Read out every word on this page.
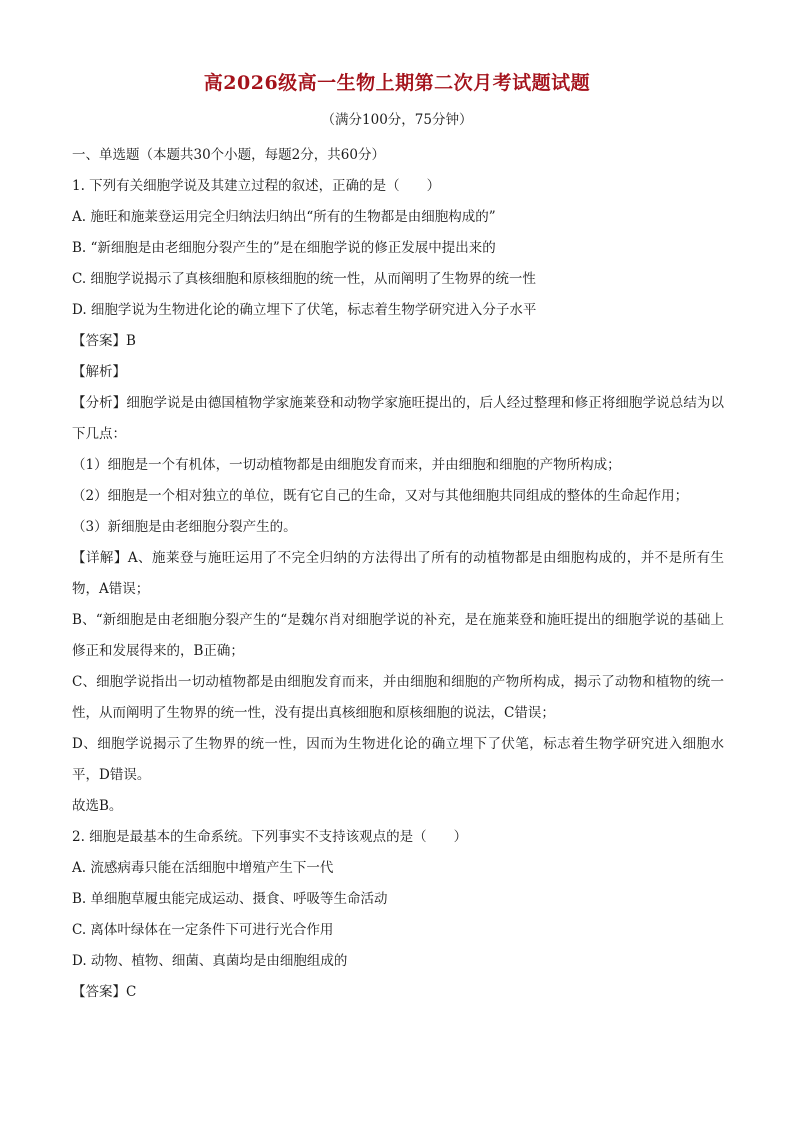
高2026级高一生物上期第二次月考试题试题
（满分100分，75分钟）
一、单选题（本题共30个小题，每题2分，共60分）
1. 下列有关细胞学说及其建立过程的叙述，正确的是（　　）
A. 施旺和施莱登运用完全归纳法归纳出“所有的生物都是由细胞构成的”
B. “新细胞是由老细胞分裂产生的”是在细胞学说的修正发展中提出来的
C. 细胞学说揭示了真核细胞和原核细胞的统一性，从而阐明了生物界的统一性
D. 细胞学说为生物进化论的确立埋下了伏笔，标志着生物学研究进入分子水平
【答案】B
【解析】
【分析】细胞学说是由德国植物学家施莱登和动物学家施旺提出的，后人经过整理和修正将细胞学说总结为以下几点：
（1）细胞是一个有机体，一切动植物都是由细胞发育而来，并由细胞和细胞的产物所构成；
（2）细胞是一个相对独立的单位，既有它自己的生命，又对与其他细胞共同组成的整体的生命起作用；
（3）新细胞是由老细胞分裂产生的。
【详解】A、施莱登与施旺运用了不完全归纳的方法得出了所有的动植物都是由细胞构成的，并不是所有生物，A错误；
B、“新细胞是由老细胞分裂产生的“是魏尔肖对细胞学说的补充，是在施莱登和施旺提出的细胞学说的基础上修正和发展得来的，B正确；
C、细胞学说指出一切动植物都是由细胞发育而来，并由细胞和细胞的产物所构成，揭示了动物和植物的统一性，从而阐明了生物界的统一性，没有提出真核细胞和原核细胞的说法，C错误；
D、细胞学说揭示了生物界的统一性，因而为生物进化论的确立埋下了伏笔，标志着生物学研究进入细胞水平，D错误。
故选B。
2. 细胞是最基本的生命系统。下列事实不支持该观点的是（　　）
A. 流感病毒只能在活细胞中增殖产生下一代
B. 单细胞草履虫能完成运动、摄食、呼吸等生命活动
C. 离体叶绿体在一定条件下可进行光合作用
D. 动物、植物、细菌、真菌均是由细胞组成的
【答案】C
